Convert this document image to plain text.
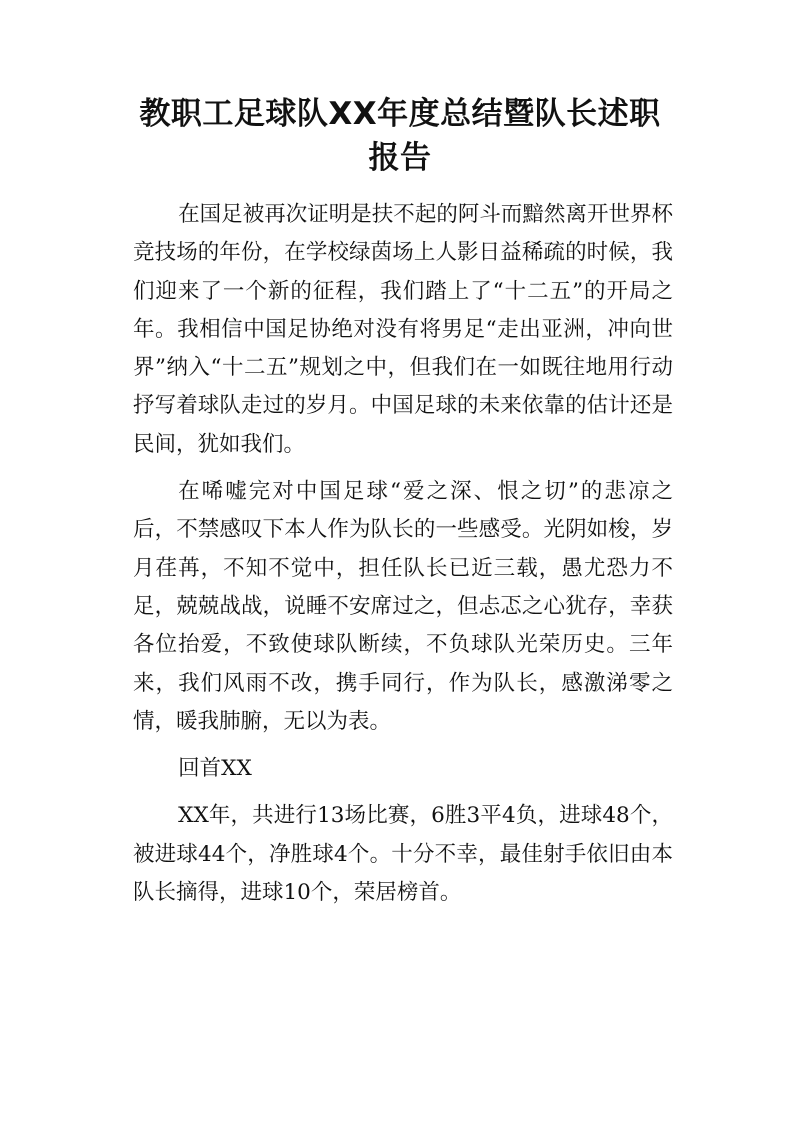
教职工足球队XX年度总结暨队长述职
报告

在国足被再次证明是扶不起的阿斗而黯然离开世界杯竞技场的年份，在学校绿茵场上人影日益稀疏的时候，我们迎来了一个新的征程，我们踏上了“十二五”的开局之年。我相信中国足协绝对没有将男足“走出亚洲，冲向世界”纳入“十二五”规划之中，但我们在一如既往地用行动抒写着球队走过的岁月。中国足球的未来依靠的估计还是民间，犹如我们。

在唏嘘完对中国足球“爱之深、恨之切”的悲凉之后，不禁感叹下本人作为队长的一些感受。光阴如梭，岁月荏苒，不知不觉中，担任队长已近三载，愚尤恐力不足，兢兢战战，说睡不安席过之，但忐忑之心犹存，幸获各位抬爱，不致使球队断续，不负球队光荣历史。三年来，我们风雨不改，携手同行，作为队长，感激涕零之情，暖我肺腑，无以为表。

回首XX

XX年，共进行13场比赛，6胜3平4负，进球48个，被进球44个，净胜球4个。十分不幸，最佳射手依旧由本队长摘得，进球10个，荣居榜首。
